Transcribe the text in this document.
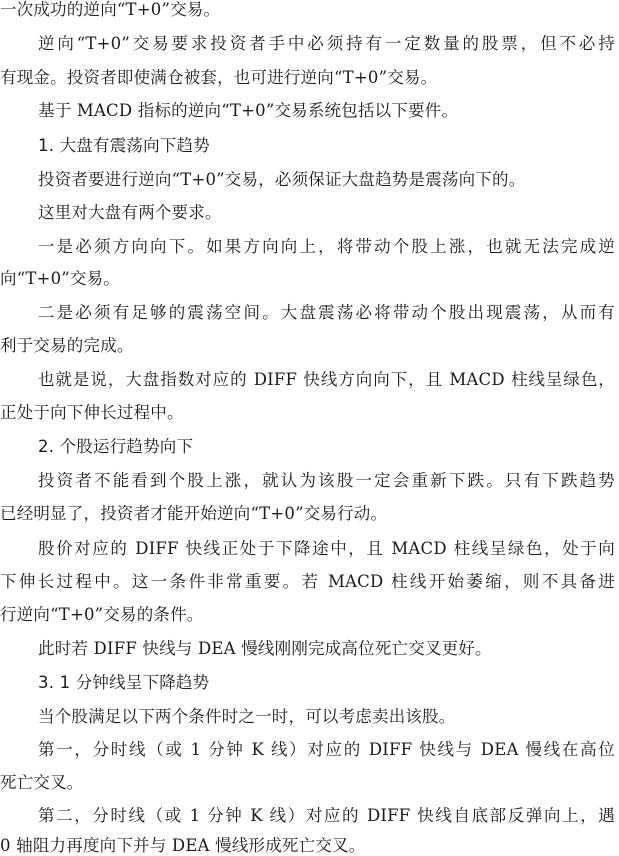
一次成功的逆向“T+0”交易。
逆向“T+0”交易要求投资者手中必须持有一定数量的股票，但不必持
有现金。投资者即使满仓被套，也可进行逆向“T+0”交易。
基于 MACD 指标的逆向“T+0”交易系统包括以下要件。
1. 大盘有震荡向下趋势
投资者要进行逆向“T+0”交易，必须保证大盘趋势是震荡向下的。
这里对大盘有两个要求。
一是必须方向向下。如果方向向上，将带动个股上涨，也就无法完成逆
向“T+0”交易。
二是必须有足够的震荡空间。大盘震荡必将带动个股出现震荡，从而有
利于交易的完成。
也就是说，大盘指数对应的 DIFF 快线方向向下，且 MACD 柱线呈绿色，
正处于向下伸长过程中。
2. 个股运行趋势向下
投资者不能看到个股上涨，就认为该股一定会重新下跌。只有下跌趋势
已经明显了，投资者才能开始逆向“T+0”交易行动。
股价对应的 DIFF 快线正处于下降途中，且 MACD 柱线呈绿色，处于向
下伸长过程中。这一条件非常重要。若 MACD 柱线开始萎缩，则不具备进
行逆向“T+0”交易的条件。
此时若 DIFF 快线与 DEA 慢线刚刚完成高位死亡交叉更好。
3. 1 分钟线呈下降趋势
当个股满足以下两个条件时之一时，可以考虑卖出该股。
第一，分时线（或 1 分钟 K 线）对应的 DIFF 快线与 DEA 慢线在高位
死亡交叉。
第二，分时线（或 1 分钟 K 线）对应的 DIFF 快线自底部反弹向上，遇
0 轴阻力再度向下并与 DEA 慢线形成死亡交叉。
